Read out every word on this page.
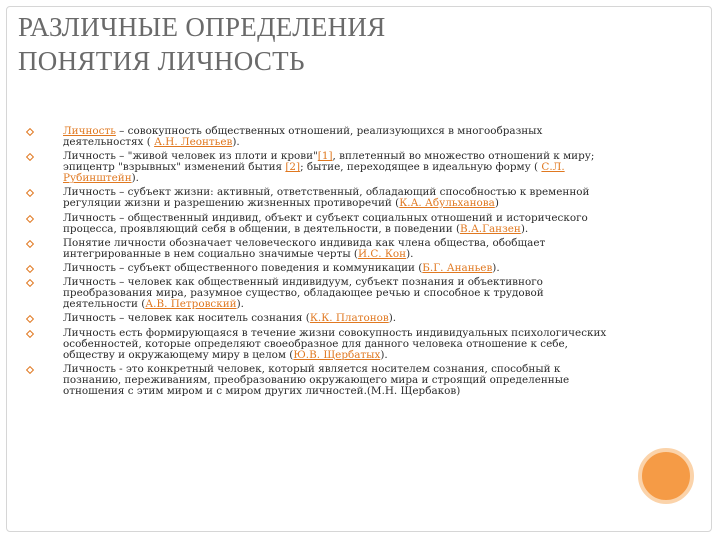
РАЗЛИЧНЫЕ ОПРЕДЕЛЕНИЯ
ПОНЯТИЯ ЛИЧНОСТЬ
Личность – совокупность общественных отношений, реализующихся в многообразных деятельностях ( А.Н. Леонтьев).
Личность – "живой человек из плоти и крови"[1], вплетенный во множество отношений к миру; эпицентр "взрывных" изменений бытия [2]; бытие, переходящее в идеальную форму ( С.Л. Рубинштейн).
Личность – субъект жизни: активный, ответственный, обладающий способностью к временной регуляции жизни и разрешению жизненных противоречий (К.А. Абульханова)
Личность – общественный индивид, объект и субъект социальных отношений и исторического процесса, проявляющий себя в общении, в деятельности, в поведении (В.А.Ганзен).
Понятие личности обозначает человеческого индивида как члена общества, обобщает интегрированные в нем социально значимые черты (И.С. Кон).
Личность – субъект общественного поведения и коммуникации (Б.Г. Ананьев).
Личность – человек как общественный индивидуум, субъект познания и объективного преобразования мира, разумное существо, обладающее речью и способное к трудовой деятельности (А.В. Петровский).
Личность – человек как носитель сознания (К.К. Платонов).
Личность есть формирующаяся в течение жизни совокупность индивидуальных психологических особенностей, которые определяют своеобразное для данного человека отношение к себе, обществу и окружающему миру в целом (Ю.В. Щербатых).
Личность - это конкретный человек, который является носителем сознания, способный к познанию, переживаниям, преобразованию окружающего мира и строящий определенные отношения с этим миром и с миром других личностей.(М.Н. Щербаков)
